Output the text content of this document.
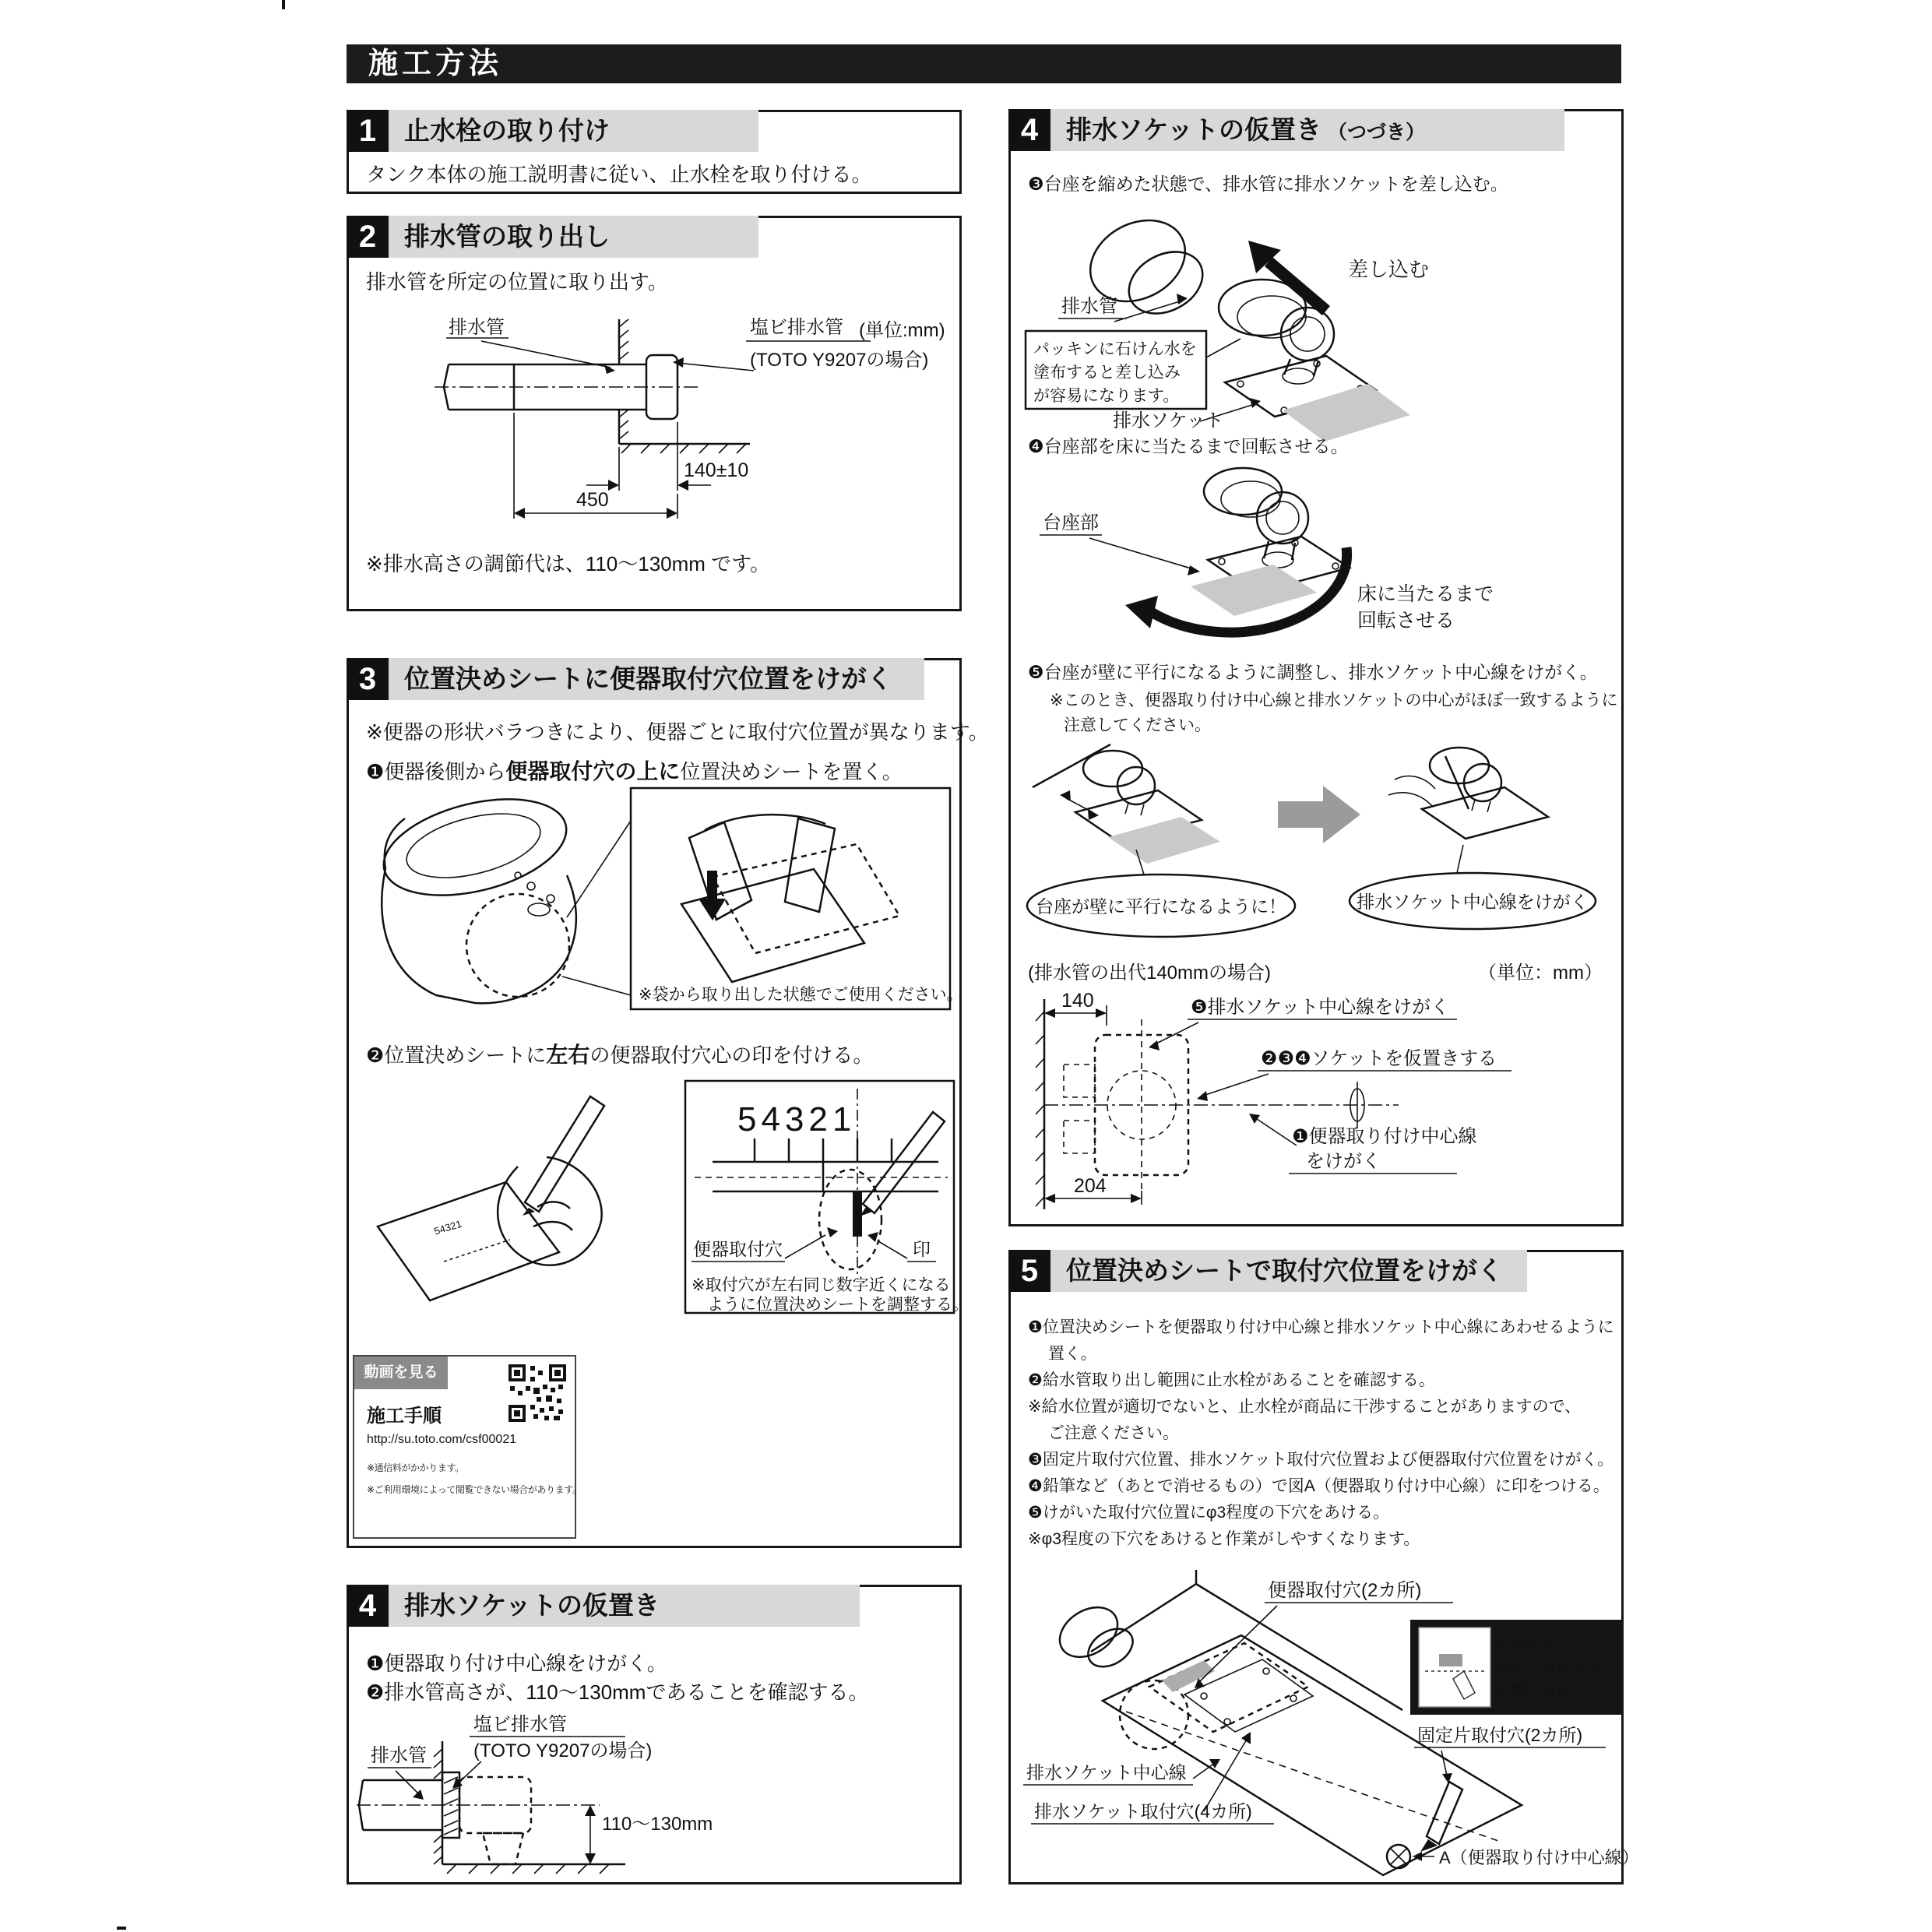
施工方法
1	止水栓の取り付け
タンク本体の施工説明書に従い、止水栓を取り付ける。
2	排水管の取り出し
排水管を所定の位置に取り出す。
排水管	塩ビ排水管
(TOTO Y9207の場合)
(単位:mm)
140±10
450
※排水高さの調節代は、110〜130mm です。
3	位置決めシートに便器取付穴位置をけがく
※便器の形状バラつきにより、便器ごとに取付穴位置が異なります。
❶便器後側から便器取付穴の上に位置決めシートを置く。
※袋から取り出した状態でご使用ください。
❷位置決めシートに左右の便器取付穴心の印を付ける。
54321
54321
便器取付穴	印
※取付穴が左右同じ数字近くになる
ように位置決めシートを調整する。
動画を見る
施工手順
http://su.toto.com/csf00021
※通信料がかかります。
※ご利用環境によって閲覧できない場合があります。
4	排水ソケットの仮置き
❶便器取り付け中心線をけがく。
❷排水管高さが、110〜130mmであることを確認する。
塩ビ排水管
(TOTO Y9207の場合)
排水管
110〜130mm
4	排水ソケットの仮置き （つづき）
❸台座を縮めた状態で、排水管に排水ソケットを差し込む。
差し込む
排水管
パッキンに石けん水を
塗布すると差し込み
が容易になります。
排水ソケット
❹台座部を床に当たるまで回転させる。
台座部
床に当たるまで
回転させる
❺台座が壁に平行になるように調整し、排水ソケット中心線をけがく。
※このとき、便器取り付け中心線と排水ソケットの中心がほぼ一致するように
注意してください。
台座が壁に平行になるように！	排水ソケット中心線をけがく
(排水管の出代140mmの場合)	（単位：mm）
140
204
❺排水ソケット中心線をけがく
❷❸❹ソケットを仮置きする
❶便器取り付け中心線
をけがく
5	位置決めシートで取付穴位置をけがく
❶位置決めシートを便器取り付け中心線と排水ソケット中心線にあわせるように
置く。
❷給水管取り出し範囲に止水栓があることを確認する。
※給水位置が適切でないと、止水栓が商品に干渉することがありますので、
ご注意ください。
❸固定片取付穴位置、排水ソケット取付穴位置および便器取付穴位置をけがく。
❹鉛筆など（あとで消せるもの）で図A（便器取り付け中心線）に印をつける。
❺けがいた取付穴位置にφ3程度の下穴をあける。
※φ3程度の下穴をあけると作業がしやすくなります。
便器取付穴(2カ所)
位置決めシートに
けがいた印と同じ
位置でけがく
固定片取付穴(2カ所)
排水ソケット中心線
排水ソケット取付穴(4カ所)
A（便器取り付け中心線）
